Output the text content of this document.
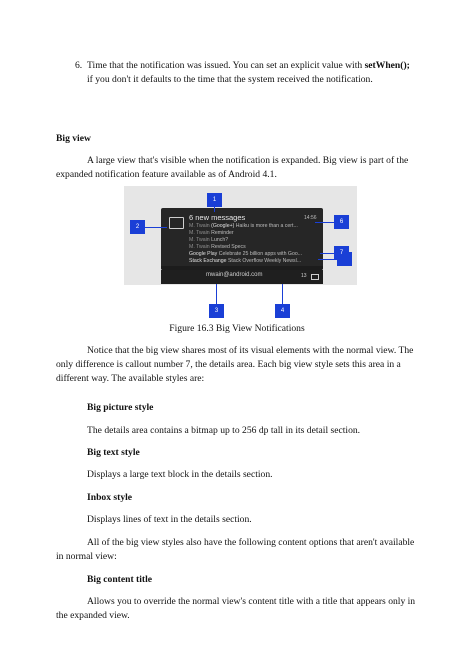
6. Time that the notification was issued. You can set an explicit value with setWhen();
if you don't it defaults to the time that the system received the notification.
Big view
A large view that's visible when the notification is expanded. Big view is part of the
expanded notification feature available as of Android 4.1.
6 new messages	14:56
M. Twain (Google+) Haiku is more than a cert...
M. Twain Reminder
M. Twain Lunch?
M. Twain Revised Specs
Google Play Celebrate 25 billion apps with Goo...
Stack Exchange Stack Overflow Weekly Newsl...
mwain@android.com	13
1
2
3	4
6
7
Figure 16.3 Big View Notifications
Notice that the big view shares most of its visual elements with the normal view. The
only difference is callout number 7, the details area. Each big view style sets this area in a
different way. The available styles are:
Big picture style
The details area contains a bitmap up to 256 dp tall in its detail section.
Big text style
Displays a large text block in the details section.
Inbox style
Displays lines of text in the details section.
All of the big view styles also have the following content options that aren't available
in normal view:
Big content title
Allows you to override the normal view's content title with a title that appears only in
the expanded view.
